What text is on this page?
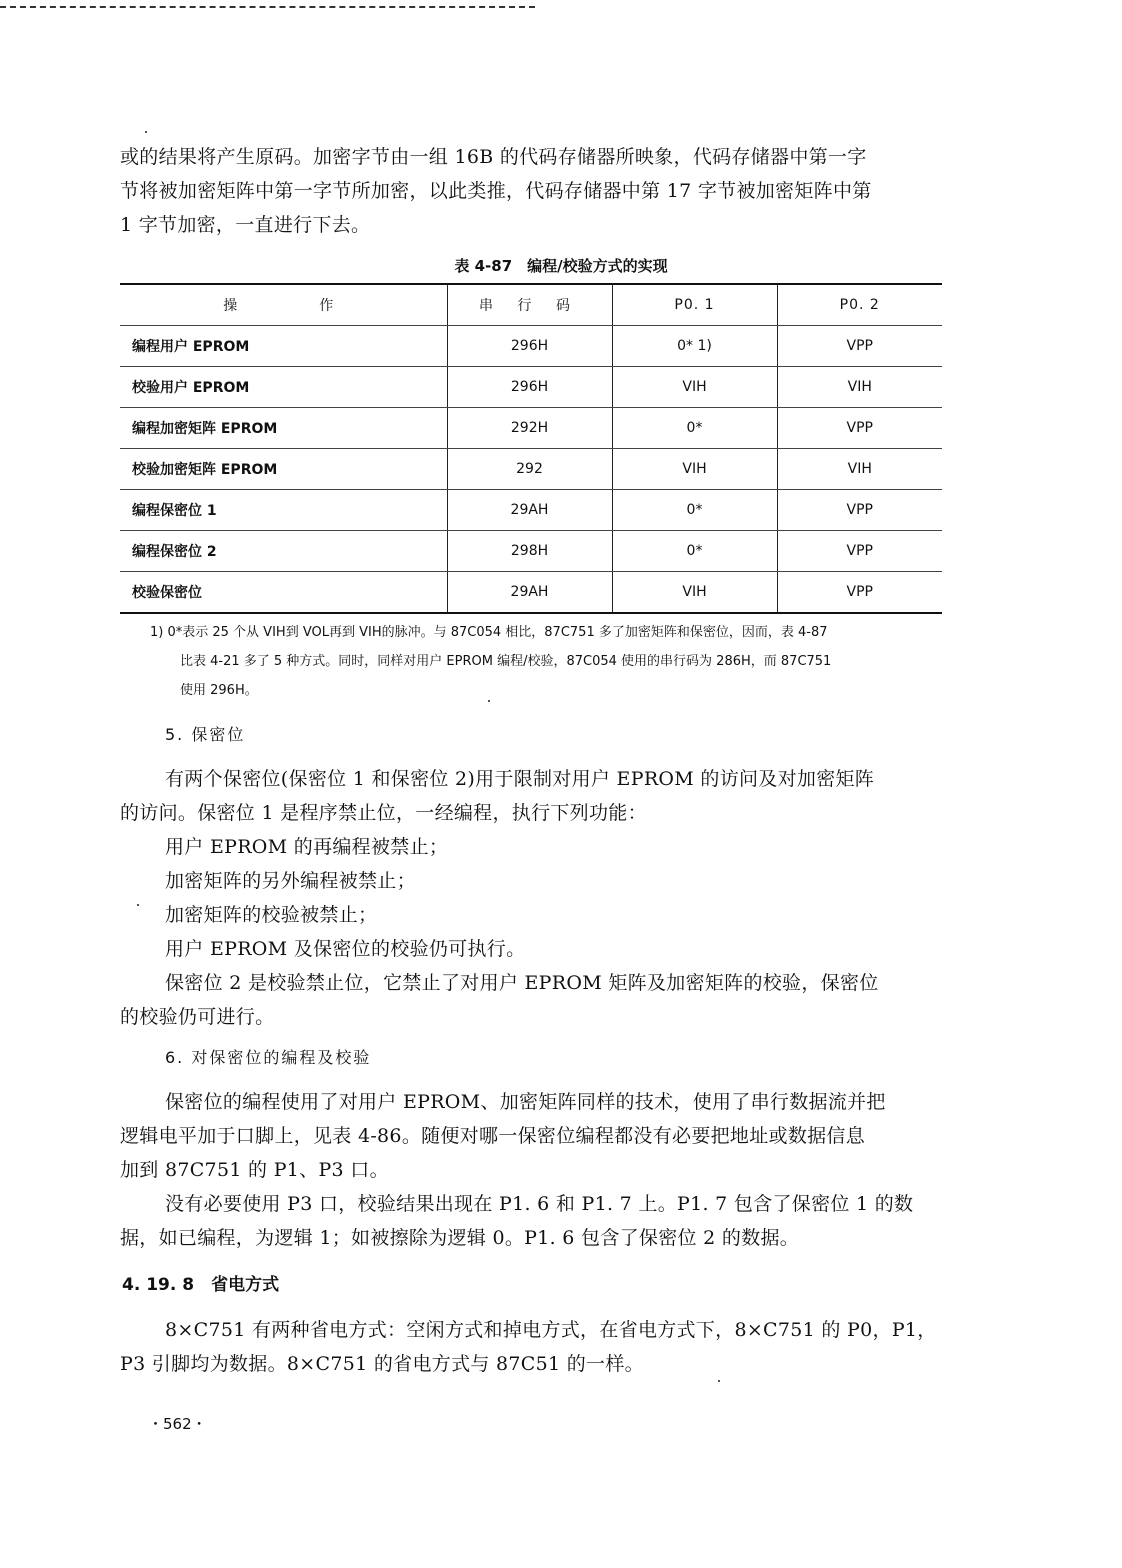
或的结果将产生原码。加密字节由一组 16B 的代码存储器所映象，代码存储器中第一字

节将被加密矩阵中第一字节所加密，以此类推，代码存储器中第 17 字节被加密矩阵中第

1 字节加密，一直进行下去。

表 4-87　编程/校验方式的实现
操　　　作	串 行 码	P0. 1	P0. 2
编程用户 EPROM	296H	0* 1)	VPP
校验用户 EPROM	296H	VIH	VIH
编程加密矩阵 EPROM	292H	0*	VPP
校验加密矩阵 EPROM	292	VIH	VIH
编程保密位 1	29AH	0*	VPP
编程保密位 2	298H	0*	VPP
校验保密位	29AH	VIH	VPP

1) 0*表示 25 个从 VIH到 VOL再到 VIH的脉冲。与 87C054 相比，87C751 多了加密矩阵和保密位，因而，表 4-87

比表 4-21 多了 5 种方式。同时，同样对用户 EPROM 编程/校验，87C054 使用的串行码为 286H，而 87C751

使用 296H。

5. 保密位

有两个保密位(保密位 1 和保密位 2)用于限制对用户 EPROM 的访问及对加密矩阵

的访问。保密位 1 是程序禁止位，一经编程，执行下列功能：

用户 EPROM 的再编程被禁止；

加密矩阵的另外编程被禁止；

加密矩阵的校验被禁止；

用户 EPROM 及保密位的校验仍可执行。

保密位 2 是校验禁止位，它禁止了对用户 EPROM 矩阵及加密矩阵的校验，保密位

的校验仍可进行。

6. 对保密位的编程及校验

保密位的编程使用了对用户 EPROM、加密矩阵同样的技术，使用了串行数据流并把

逻辑电平加于口脚上，见表 4-86。随便对哪一保密位编程都没有必要把地址或数据信息

加到 87C751 的 P1、P3 口。

没有必要使用 P3 口，校验结果出现在 P1. 6 和 P1. 7 上。P1. 7 包含了保密位 1 的数

据，如已编程，为逻辑 1；如被擦除为逻辑 0。P1. 6 包含了保密位 2 的数据。

4. 19. 8　省电方式

8×C751 有两种省电方式：空闲方式和掉电方式，在省电方式下，8×C751 的 P0，P1，

P3 引脚均为数据。8×C751 的省电方式与 87C51 的一样。

・562・
